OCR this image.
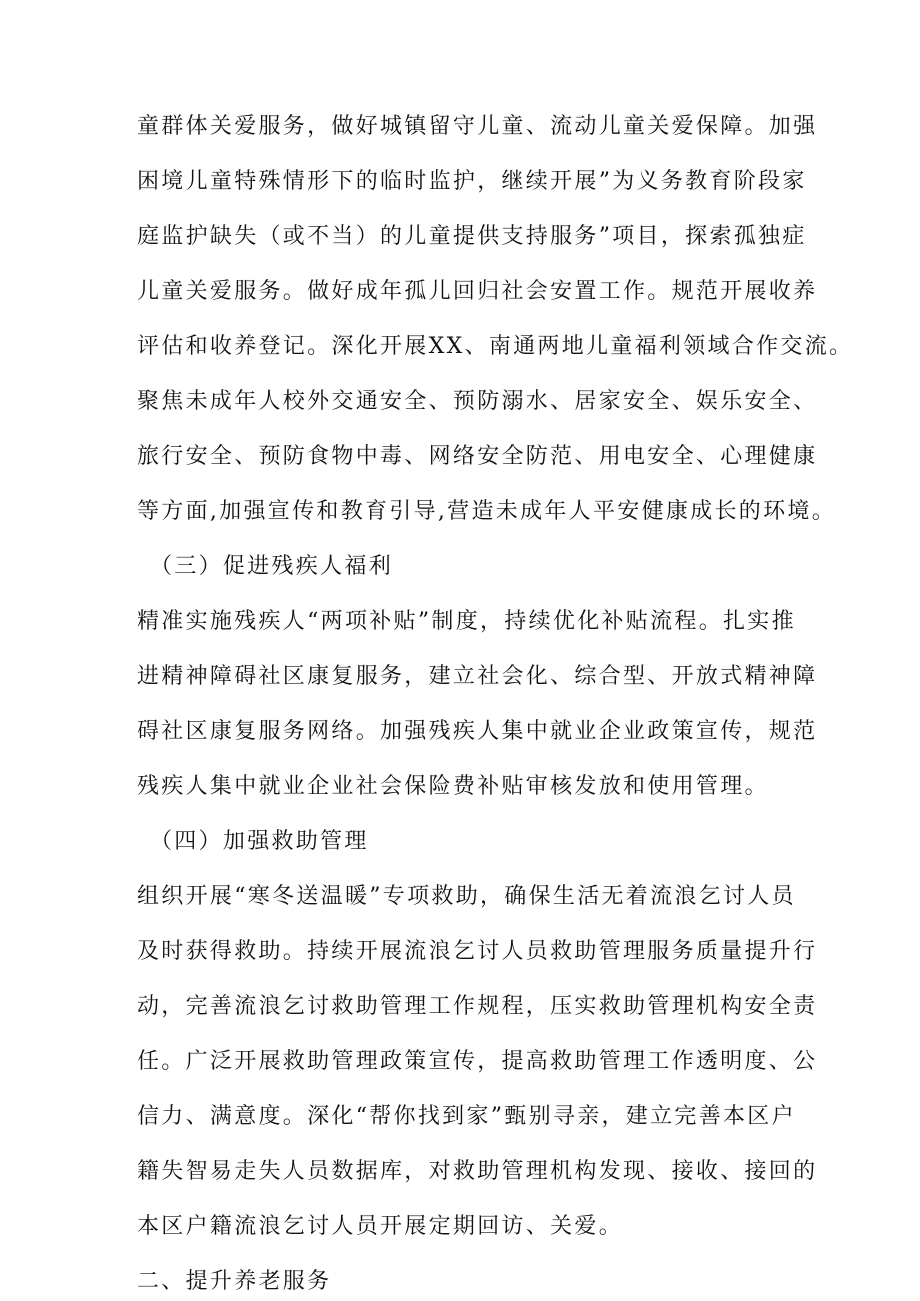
童群体关爱服务，做好城镇留守儿童、流动儿童关爱保障。加强
困境儿童特殊情形下的临时监护，继续开展”为义务教育阶段家
庭监护缺失（或不当）的儿童提供支持服务”项目，探索孤独症
儿童关爱服务。做好成年孤儿回归社会安置工作。规范开展收养
评估和收养登记。深化开展XX、南通两地儿童福利领域合作交流。
聚焦未成年人校外交通安全、预防溺水、居家安全、娱乐安全、
旅行安全、预防食物中毒、网络安全防范、用电安全、心理健康
等方面,加强宣传和教育引导,营造未成年人平安健康成长的环境。
（三）促进残疾人福利
精准实施残疾人“两项补贴”制度，持续优化补贴流程。扎实推
进精神障碍社区康复服务，建立社会化、综合型、开放式精神障
碍社区康复服务网络。加强残疾人集中就业企业政策宣传，规范
残疾人集中就业企业社会保险费补贴审核发放和使用管理。
（四）加强救助管理
组织开展“寒冬送温暖”专项救助，确保生活无着流浪乞讨人员
及时获得救助。持续开展流浪乞讨人员救助管理服务质量提升行
动，完善流浪乞讨救助管理工作规程，压实救助管理机构安全责
任。广泛开展救助管理政策宣传，提高救助管理工作透明度、公
信力、满意度。深化“帮你找到家”甄别寻亲，建立完善本区户
籍失智易走失人员数据库，对救助管理机构发现、接收、接回的
本区户籍流浪乞讨人员开展定期回访、关爱。
二、提升养老服务
